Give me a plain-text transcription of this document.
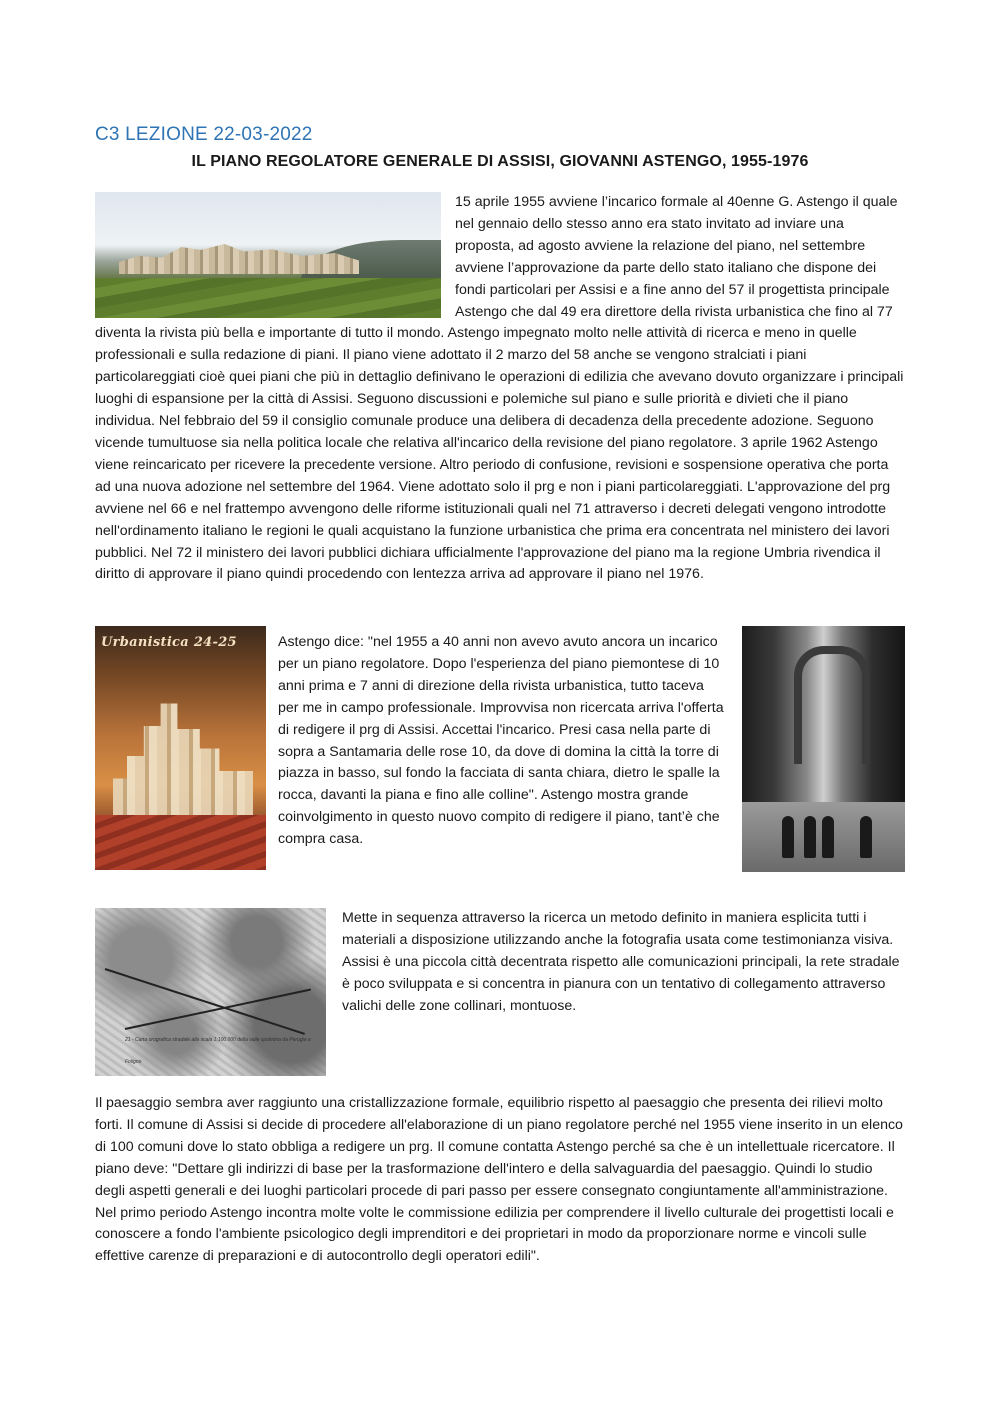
C3 LEZIONE 22-03-2022
IL PIANO REGOLATORE GENERALE DI ASSISI, GIOVANNI ASTENGO, 1955-1976

15 aprile 1955 avviene l’incarico formale al 40enne G. Astengo il quale nel gennaio dello stesso anno era stato invitato ad inviare una proposta, ad agosto avviene la relazione del piano, nel settembre avviene l’approvazione da parte dello stato italiano che dispone dei fondi particolari per Assisi e a fine anno del 57 il progettista principale Astengo che dal 49 era direttore della rivista urbanistica che fino al 77 diventa la rivista più bella e importante di tutto il mondo. Astengo impegnato molto nelle attività di ricerca e meno in quelle professionali e sulla redazione di piani. Il piano viene adottato il 2 marzo del 58 anche se vengono stralciati i piani particolareggiati cioè quei piani che più in dettaglio definivano le operazioni di edilizia che avevano dovuto organizzare i principali luoghi di espansione per la città di Assisi. Seguono discussioni e polemiche sul piano e sulle priorità e divieti che il piano individua. Nel febbraio del 59 il consiglio comunale produce una delibera di decadenza della precedente adozione. Seguono vicende tumultuose sia nella politica locale che relativa all'incarico della revisione del piano regolatore. 3 aprile 1962 Astengo viene reincaricato per ricevere la precedente versione. Altro periodo di confusione, revisioni e sospensione operativa che porta ad una nuova adozione nel settembre del 1964. Viene adottato solo il prg e non i piani particolareggiati. L'approvazione del prg avviene nel 66 e nel frattempo avvengono delle riforme istituzionali quali nel 71 attraverso i decreti delegati vengono introdotte nell'ordinamento italiano le regioni le quali acquistano la funzione urbanistica che prima era concentrata nel ministero dei lavori pubblici. Nel 72 il ministero dei lavori pubblici dichiara ufficialmente l'approvazione del piano ma la regione Umbria rivendica il diritto di approvare il piano quindi procedendo con lentezza arriva ad approvare il piano nel 1976.

Urbanistica 24-25	Astengo dice: "nel 1955 a 40 anni non avevo avuto ancora un incarico per un piano regolatore. Dopo l'esperienza del piano piemontese di 10 anni prima e 7 anni di direzione della rivista urbanistica, tutto taceva per me in campo professionale. Improvvisa non ricercata arriva l'offerta di redigere il prg di Assisi. Accettai l'incarico. Presi casa nella parte di sopra a Santamaria delle rose 10, da dove di domina la città la torre di piazza in basso, sul fondo la facciata di santa chiara, dietro le spalle la rocca, davanti la piana e fino alle colline". Astengo mostra grande coinvolgimento in questo nuovo compito di redigere il piano, tant’è che compra casa.

21 - Carta orografica stradale alla scala 1:100.000 della valle spoletina da Perugia a Foligno

Mette in sequenza attraverso la ricerca un metodo definito in maniera esplicita tutti i materiali a disposizione utilizzando anche la fotografia usata come testimonianza visiva. Assisi è una piccola città decentrata rispetto alle comunicazioni principali, la rete stradale è poco sviluppata e si concentra in pianura con un tentativo di collegamento attraverso valichi delle zone collinari, montuose.

Il paesaggio sembra aver raggiunto una cristallizzazione formale, equilibrio rispetto al paesaggio che presenta dei rilievi molto forti. Il comune di Assisi si decide di procedere all'elaborazione di un piano regolatore perché nel 1955 viene inserito in un elenco di 100 comuni dove lo stato obbliga a redigere un prg. Il comune contatta Astengo perché sa che è un intellettuale ricercatore. Il piano deve: "Dettare gli indirizzi di base per la trasformazione dell'intero e della salvaguardia del paesaggio. Quindi lo studio degli aspetti generali e dei luoghi particolari procede di pari passo per essere consegnato congiuntamente all'amministrazione. Nel primo periodo Astengo incontra molte volte le commissione edilizia per comprendere il livello culturale dei progettisti locali e conoscere a fondo l'ambiente psicologico degli imprenditori e dei proprietari in modo da proporzionare norme e vincoli sulle effettive carenze di preparazioni e di autocontrollo degli operatori edili".
